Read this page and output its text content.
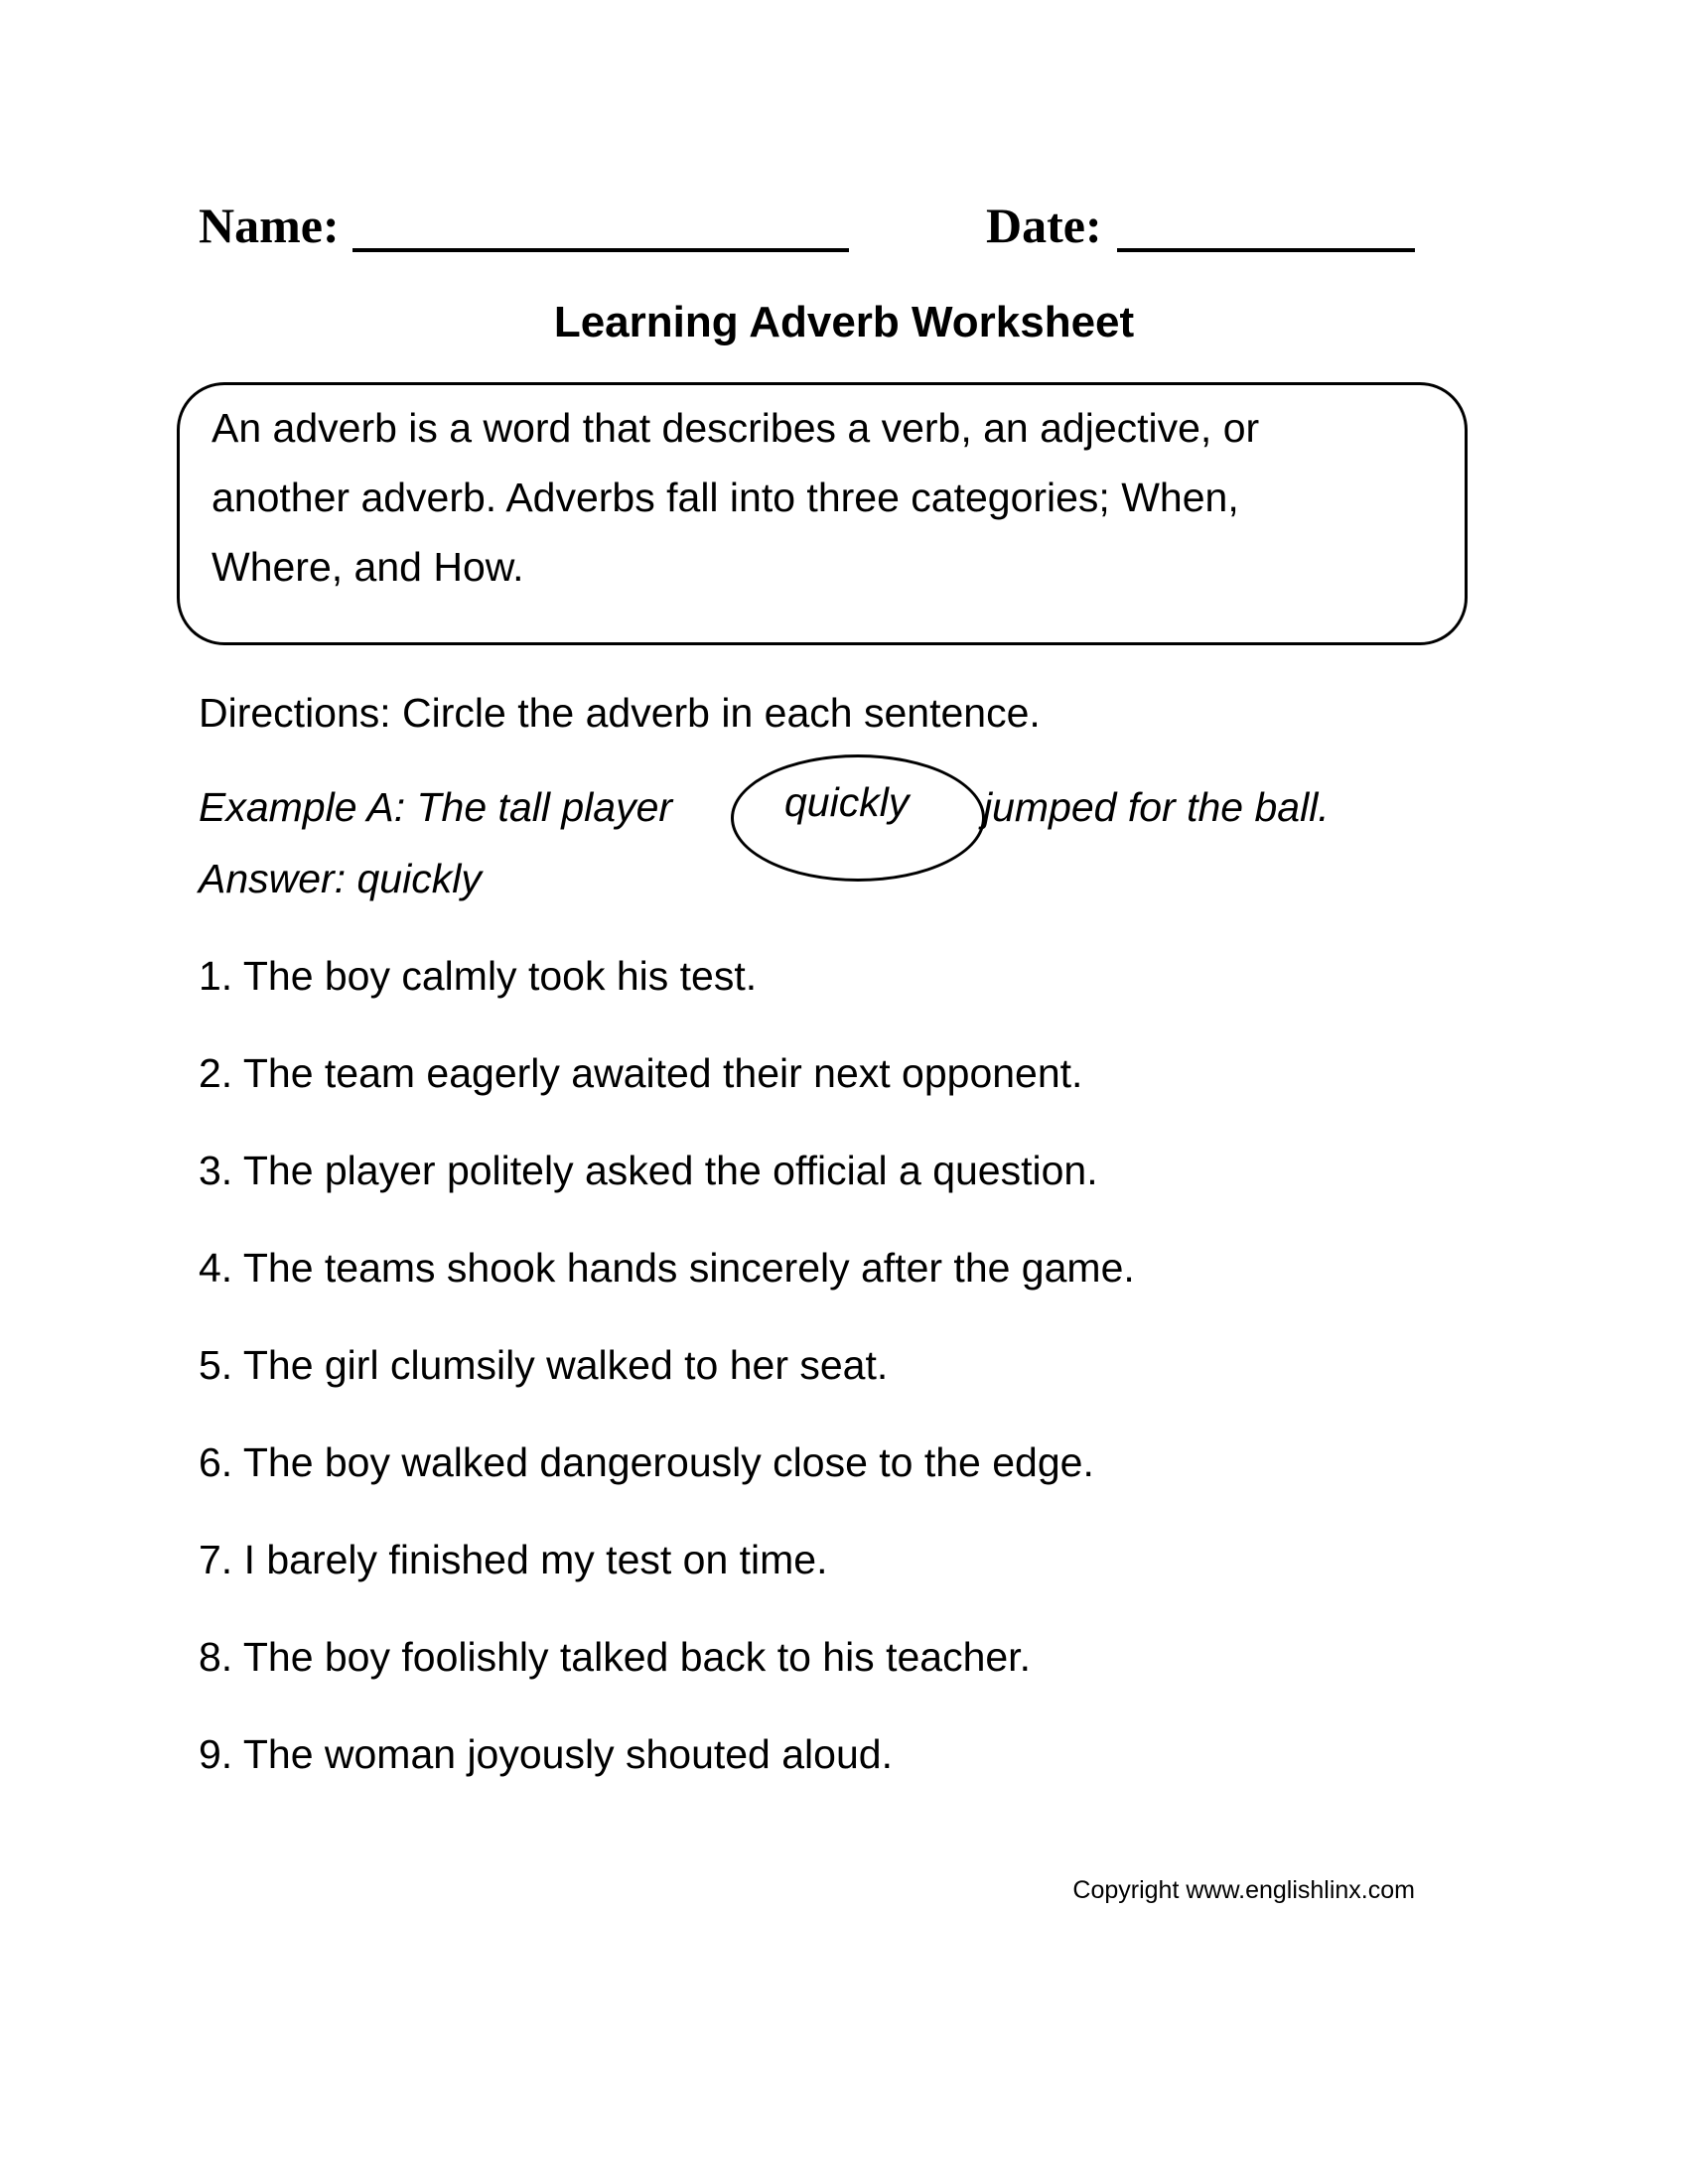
Name:	Date:
Learning Adverb Worksheet
An adverb is a word that describes a verb, an adjective, or
another adverb. Adverbs fall into three categories; When,
Where, and How.
Directions: Circle the adverb in each sentence.
Example A: The tall player	quickly jumped for the ball.
Answer: quickly
1. The boy calmly took his test.
2. The team eagerly awaited their next opponent.
3. The player politely asked the official a question.
4. The teams shook hands sincerely after the game.
5. The girl clumsily walked to her seat.
6. The boy walked dangerously close to the edge.
7. I barely finished my test on time.
8. The boy foolishly talked back to his teacher.
9. The woman joyously shouted aloud.
Copyright www.englishlinx.com
